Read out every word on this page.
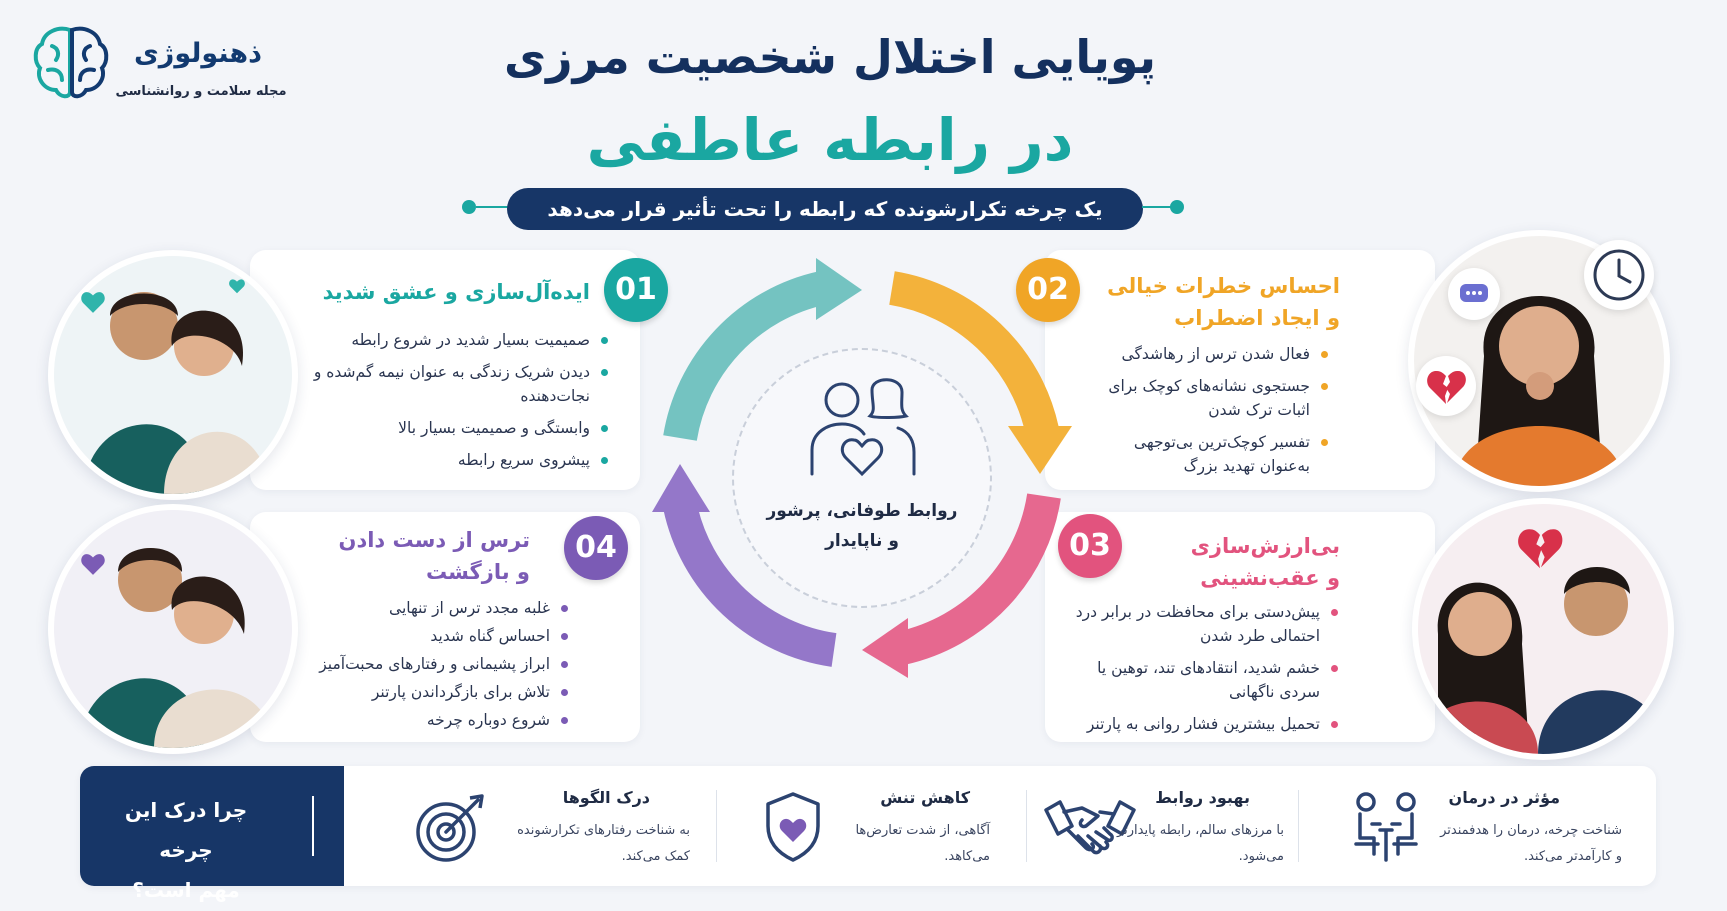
ذهنولوژی
مجله سلامت و روانشناسی
پویایی اختلال شخصیت مرزی
در رابطه عاطفی
یک چرخه تکرارشونده که رابطه را تحت تأثیر قرار می‌دهد
01
ایده‌آل‌سازی و عشق شدید
صمیمیت بسیار شدید در شروع رابطه
دیدن شریک زندگی به عنوان نیمه گم‌شده و نجات‌دهنده
وابستگی و صمیمیت بسیار بالا
پیشروی سریع رابطه
02	احساس خطرات خیالی
و ایجاد اضطراب
فعال شدن ترس از رهاشدگی
جستجوی نشانه‌های کوچک برای اثبات ترک شدن
تفسیر کوچک‌ترین بی‌توجهی به‌عنوان تهدید بزرگ
03	بی‌ارزش‌سازی
و عقب‌نشینی
پیش‌دستی برای محافظت در برابر درد احتمالی طرد شدن
خشم شدید، انتقادهای تند، توهین یا سردی ناگهانی
تحمیل بیشترین فشار روانی به پارتنر
04
ترس از دست دادن
و بازگشت
غلبه مجدد ترس از تنهایی
احساس گناه شدید
ابراز پشیمانی و رفتارهای محبت‌آمیز
تلاش برای بازگرداندن پارتنر
شروع دوباره چرخه
روابط طوفانی، پرشور
و ناپایدار
چرا درک این چرخه
مهم است؟
درک الگوها
به شناخت رفتارهای تکرارشونده
کمک می‌کند.
کاهش تنش
آگاهی، از شدت تعارض‌ها
می‌کاهد.
بهبود روابط
با مرزهای سالم، رابطه پایدارتر
می‌شود.
مؤثر در درمان
شناخت چرخه، درمان را هدفمندتر
و کارآمدتر می‌کند.
